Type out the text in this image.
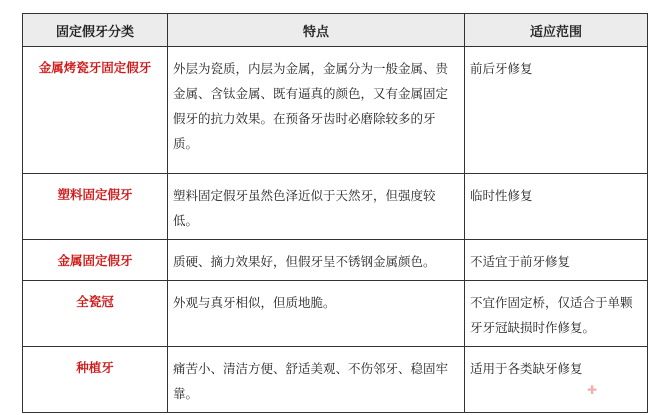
固定假牙分类	特点	适应范围
金属烤瓷牙固定假牙	外层为瓷质，内层为金属，金属分为一般金属、贵金属、含钛金属、既有逼真的颜色，又有金属固定假牙的抗力效果。在预备牙齿时必磨除较多的牙质。	前后牙修复
塑料固定假牙	塑料固定假牙虽然色泽近似于天然牙，但强度较低。	临时性修复
金属固定假牙	质硬、摘力效果好，但假牙呈不锈钢金属颜色。	不适宜于前牙修复
全瓷冠	外观与真牙相似，但质地脆。	不宜作固定桥，仅适合于单颗牙牙冠缺损时作修复。
种植牙	痛苦小、清洁方便、舒适美观、不伤邻牙、稳固牢靠。	适用于各类缺牙修复
✚
